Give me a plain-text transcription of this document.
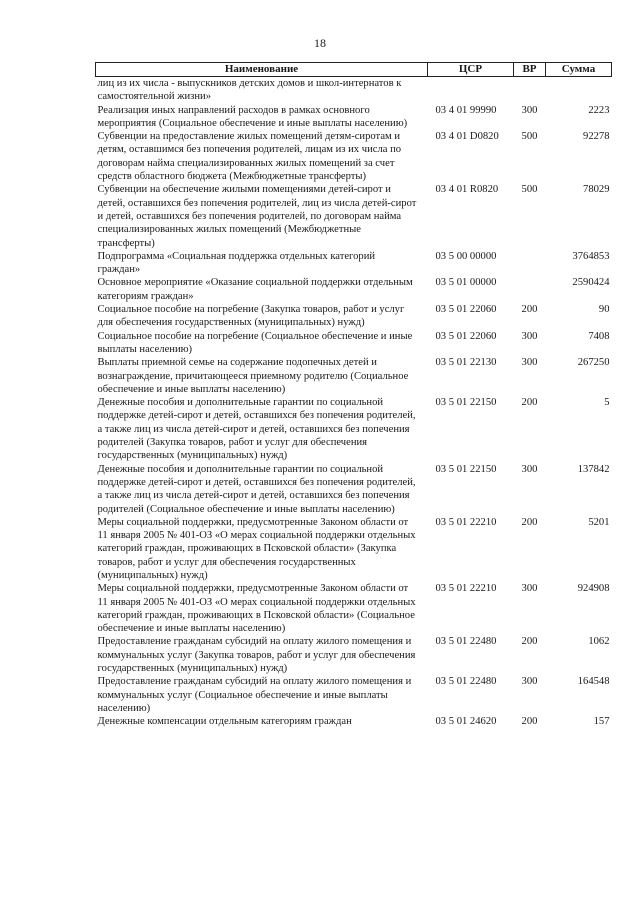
18
Наименование	ЦСР	ВР	Сумма
лиц из их числа - выпускников детских домов и школ-интернатов к самостоятельной жизни»			
Реализация иных направлений расходов в рамках основного мероприятия (Социальное обеспечение и иные выплаты населению)	03 4 01 99990	300	2223
Субвенции на предоставление жилых помещений детям-сиротам и детям, оставшимся без попечения родителей, лицам из их числа по договорам найма специализированных жилых помещений за счет средств областного бюджета (Межбюджетные трансферты)	03 4 01 D0820	500	92278
Субвенции на обеспечение жилыми помещениями детей-сирот и детей, оставшихся без попечения родителей, лиц из числа детей-сирот и детей, оставшихся без попечения родителей, по договорам найма специализированных жилых помещений (Межбюджетные трансферты)	03 4 01 R0820	500	78029
Подпрограмма «Социальная поддержка отдельных категорий граждан»	03 5 00 00000		3764853
Основное мероприятие «Оказание социальной поддержки отдельным категориям граждан»	03 5 01 00000		2590424
Социальное пособие на погребение (Закупка товаров, работ и услуг для обеспечения государственных (муниципальных) нужд)	03 5 01 22060	200	90
Социальное пособие на погребение (Социальное обеспечение и иные выплаты населению)	03 5 01 22060	300	7408
Выплаты приемной семье на содержание подопечных детей и вознаграждение, причитающееся приемному родителю (Социальное обеспечение и иные выплаты населению)	03 5 01 22130	300	267250
Денежные пособия и дополнительные гарантии по социальной поддержке детей-сирот и детей, оставшихся без попечения родителей, а также лиц из числа детей-сирот и детей, оставшихся без попечения родителей (Закупка товаров, работ и услуг для обеспечения государственных (муниципальных) нужд)	03 5 01 22150	200	5
Денежные пособия и дополнительные гарантии по социальной поддержке детей-сирот и детей, оставшихся без попечения родителей, а также лиц из числа детей-сирот и детей, оставшихся без попечения родителей (Социальное обеспечение и иные выплаты населению)	03 5 01 22150	300	137842
Меры социальной поддержки, предусмотренные Законом области от 11 января 2005 № 401-ОЗ «О мерах социальной поддержки отдельных категорий граждан, проживающих в Псковской области» (Закупка товаров, работ и услуг для обеспечения государственных (муниципальных) нужд)	03 5 01 22210	200	5201
Меры социальной поддержки, предусмотренные Законом области от 11 января 2005 № 401-ОЗ «О мерах социальной поддержки отдельных категорий граждан, проживающих в Псковской области» (Социальное обеспечение и иные выплаты населению)	03 5 01 22210	300	924908
Предоставление гражданам субсидий на оплату жилого помещения и коммунальных услуг (Закупка товаров, работ и услуг для обеспечения государственных (муниципальных) нужд)	03 5 01 22480	200	1062
Предоставление гражданам субсидий на оплату жилого помещения и коммунальных услуг (Социальное обеспечение и иные выплаты населению)	03 5 01 22480	300	164548
Денежные компенсации отдельным категориям граждан	03 5 01 24620	200	157
